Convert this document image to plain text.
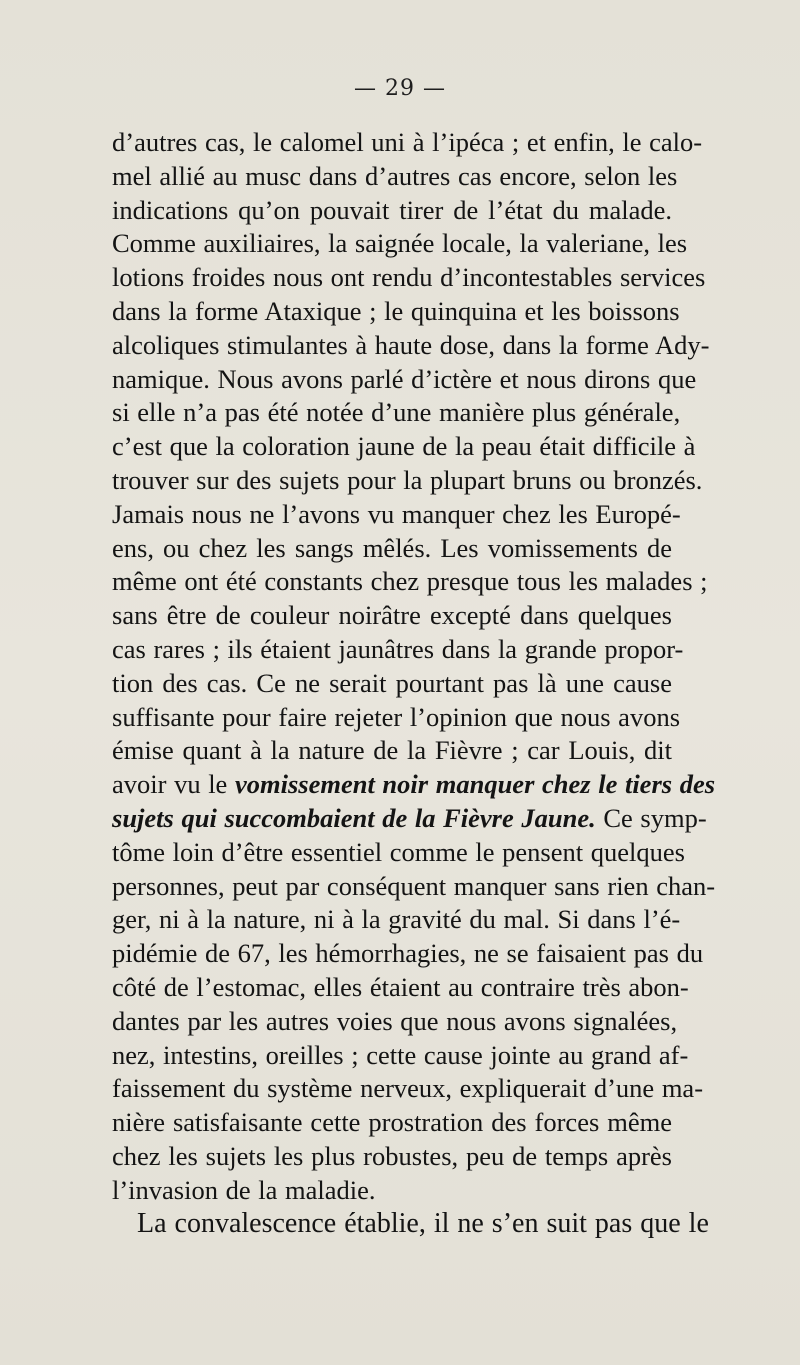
— 29 —
d’autres cas, le calomel uni à l’ipéca ; et enfin, le calo-
mel allié au musc dans d’autres cas encore, selon les
indications qu’on pouvait tirer de l’état du malade.
Comme auxiliaires, la saignée locale, la valeriane, les
lotions froides nous ont rendu d’incontestables services
dans la forme Ataxique ; le quinquina et les boissons
alcoliques stimulantes à haute dose, dans la forme Ady-
namique. Nous avons parlé d’ictère et nous dirons que
si elle n’a pas été notée d’une manière plus générale,
c’est que la coloration jaune de la peau était difficile à
trouver sur des sujets pour la plupart bruns ou bronzés.
Jamais nous ne l’avons vu manquer chez les Europé-
ens, ou chez les sangs mêlés. Les vomissements de
même ont été constants chez presque tous les malades ;
sans être de couleur noirâtre excepté dans quelques
cas rares ; ils étaient jaunâtres dans la grande propor-
tion des cas. Ce ne serait pourtant pas là une cause
suffisante pour faire rejeter l’opinion que nous avons
émise quant à la nature de la Fièvre ; car Louis, dit
avoir vu le vomissement noir manquer chez le tiers des
sujets qui succombaient de la Fièvre Jaune. Ce symp-
tôme loin d’être essentiel comme le pensent quelques
personnes, peut par conséquent manquer sans rien chan-
ger, ni à la nature, ni à la gravité du mal. Si dans l’é-
pidémie de 67, les hémorrhagies, ne se faisaient pas du
côté de l’estomac, elles étaient au contraire très abon-
dantes par les autres voies que nous avons signalées,
nez, intestins, oreilles ; cette cause jointe au grand af-
faissement du système nerveux, expliquerait d’une ma-
nière satisfaisante cette prostration des forces même
chez les sujets les plus robustes, peu de temps après
l’invasion de la maladie.
La convalescence établie, il ne s’en suit pas que le
